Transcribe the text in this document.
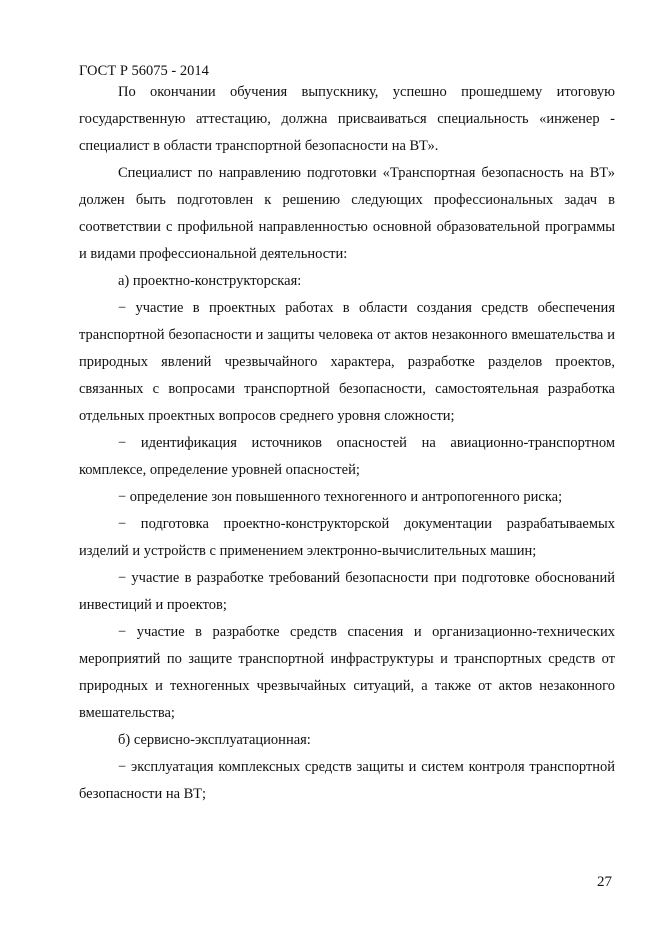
ГОСТ Р 56075 - 2014

По окончании обучения выпускнику, успешно прошедшему итоговую государственную аттестацию, должна присваиваться специальность «инженер - специалист в области транспортной безопасности на ВТ».

Специалист по направлению подготовки «Транспортная безопасность на ВТ» должен быть подготовлен к решению следующих профессиональных задач в соответствии с профильной направленностью основной образовательной программы и видами профессиональной деятельности:

а) проектно-конструкторская:

− участие в проектных работах в области создания средств обеспечения транспортной безопасности и защиты человека от актов незаконного вмешательства и природных явлений чрезвычайного характера, разработке разделов проектов, связанных с вопросами транспортной безопасности, самостоятельная разработка отдельных проектных вопросов среднего уровня сложности;

− идентификация источников опасностей на авиационно-транспортном комплексе, определение уровней опасностей;

− определение зон повышенного техногенного и антропогенного риска;

− подготовка проектно-конструкторской документации разрабатываемых изделий и устройств с применением электронно-вычислительных машин;

− участие в разработке требований безопасности при подготовке обоснований инвестиций и проектов;

− участие в разработке средств спасения и организационно-технических мероприятий по защите транспортной инфраструктуры и транспортных средств от природных и техногенных чрезвычайных ситуаций, а также от актов незаконного вмешательства;

б) сервисно-эксплуатационная:

− эксплуатация комплексных средств защиты и систем контроля транспортной безопасности на ВТ;

27
